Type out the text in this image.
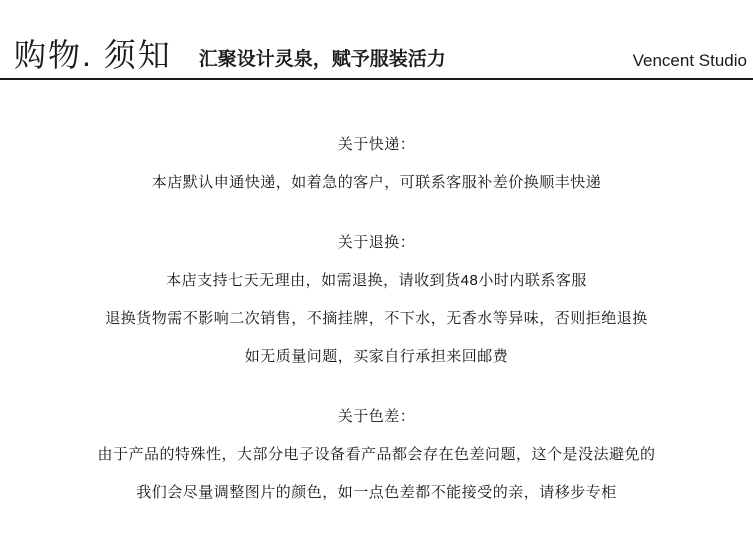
购物. 须知 汇聚设计灵泉，赋予服装活力	Vencent Studio

关于快递：

本店默认申通快递，如着急的客户，可联系客服补差价换顺丰快递

关于退换：

本店支持七天无理由，如需退换，请收到货48小时内联系客服

退换货物需不影响二次销售，不摘挂牌，不下水，无香水等异味，否则拒绝退换

如无质量问题，买家自行承担来回邮费

关于色差：

由于产品的特殊性，大部分电子设备看产品都会存在色差问题，这个是没法避免的

我们会尽量调整图片的颜色，如一点色差都不能接受的亲，请移步专柜
